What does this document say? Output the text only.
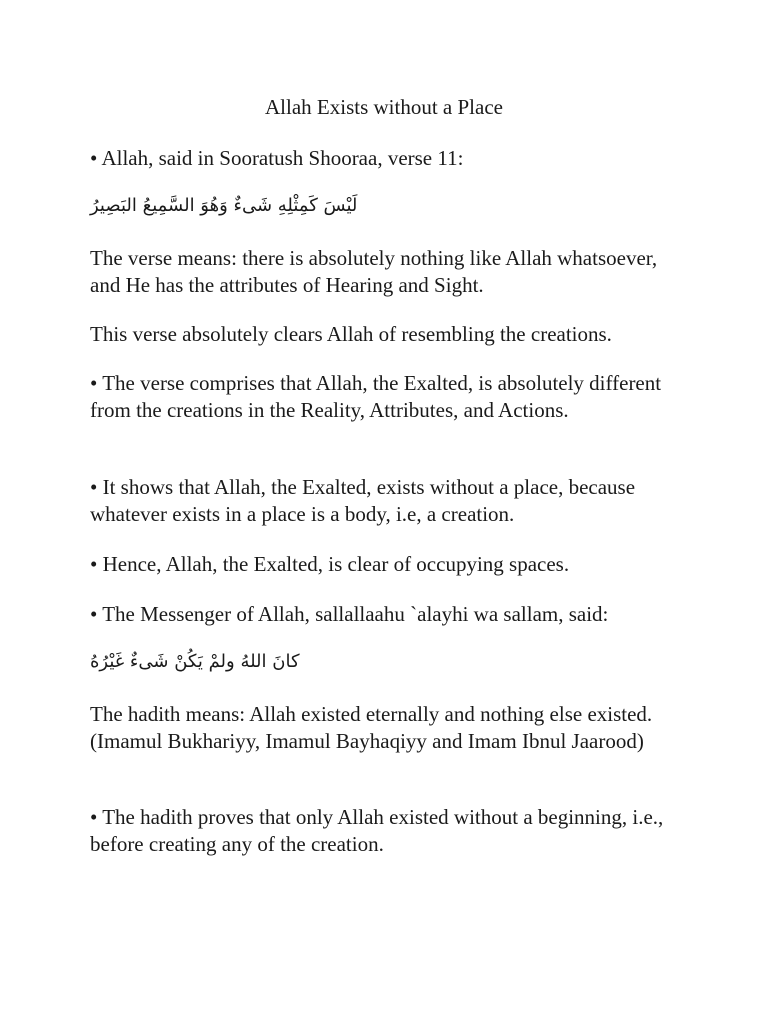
Allah Exists without a Place

• Allah, said in Sooratush Shooraa, verse 11:

لَيْسَ كَمِثْلِهِ شَىءٌ وَهُوَ السَّمِيعُ البَصِيرُ

The verse means: there is absolutely nothing like Allah whatsoever, and He has the attributes of Hearing and Sight.

This verse absolutely clears Allah of resembling the creations.

• The verse comprises that Allah, the Exalted, is absolutely different from the creations in the Reality, Attributes, and Actions.

• It shows that Allah, the Exalted, exists without a place, because whatever exists in a place is a body, i.e, a creation.

• Hence, Allah, the Exalted, is clear of occupying spaces.

• The Messenger of Allah, sallallaahu `alayhi wa sallam, said:

كانَ اللهُ ولمْ يَكُنْ شَىءٌ غَيْرُهُ

The hadith means: Allah existed eternally and nothing else existed. (Imamul Bukhariyy, Imamul Bayhaqiyy and Imam Ibnul Jaarood)

• The hadith proves that only Allah existed without a beginning, i.e., before creating any of the creation.
